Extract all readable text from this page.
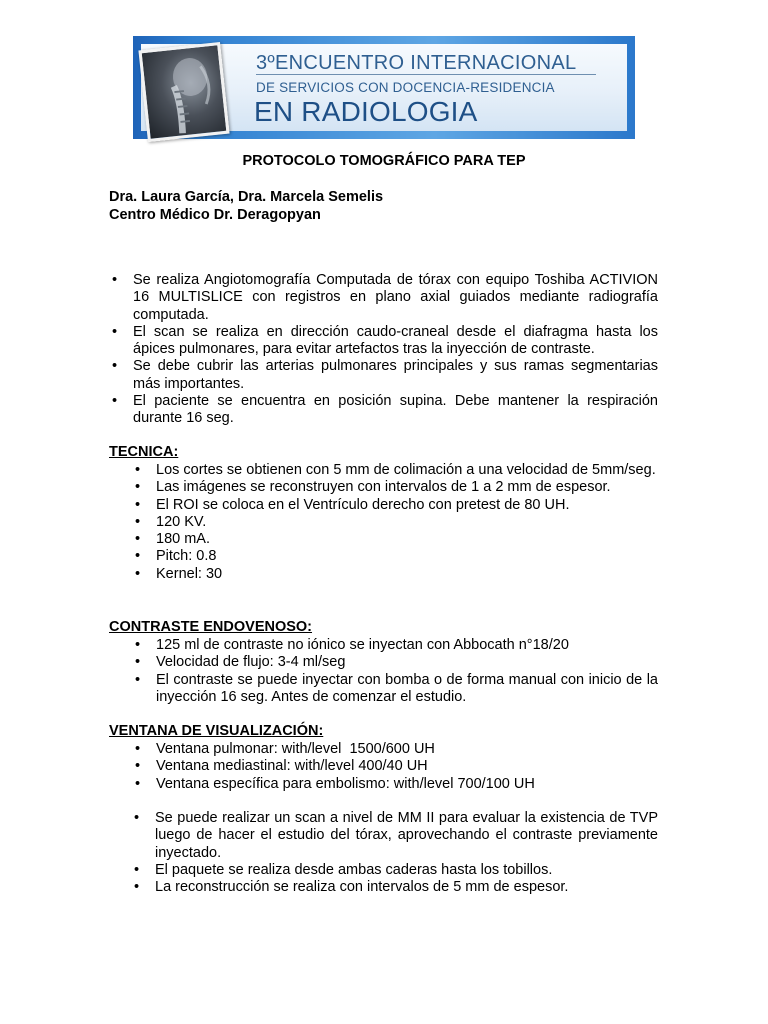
3ºENCUENTRO INTERNACIONAL
DE SERVICIOS CON DOCENCIA-RESIDENCIA
EN RADIOLOGIA
PROTOCOLO TOMOGRÁFICO PARA TEP
Dra. Laura García, Dra. Marcela Semelis
Centro Médico Dr. Deragopyan
• Se realiza Angiotomografía Computada de tórax con equipo Toshiba ACTIVION 16 MULTISLICE con registros en plano axial guiados mediante radiografía computada.
• El scan se realiza en dirección caudo-craneal desde el diafragma hasta los ápices pulmonares, para evitar artefactos tras la inyección de contraste.
• Se debe cubrir las arterias pulmonares principales y sus ramas segmentarias más importantes.
• El paciente se encuentra en posición supina. Debe mantener la respiración durante 16 seg.
TECNICA:
• Los cortes se obtienen con 5 mm de colimación a una velocidad de 5mm/seg.
• Las imágenes se reconstruyen con intervalos de 1 a 2 mm de espesor.
• El ROI se coloca en el Ventrículo derecho con pretest de 80 UH.
• 120 KV.
• 180 mA.
• Pitch: 0.8
• Kernel: 30
CONTRASTE ENDOVENOSO:
• 125 ml de contraste no iónico se inyectan con Abbocath n°18/20
• Velocidad de flujo: 3-4 ml/seg
• El contraste se puede inyectar con bomba o de forma manual con inicio de la inyección 16 seg. Antes de comenzar el estudio.
VENTANA DE VISUALIZACIÓN:
• Ventana pulmonar: with/level  1500/600 UH
• Ventana mediastinal: with/level 400/40 UH
• Ventana específica para embolismo: with/level 700/100 UH
• Se puede realizar un scan a nivel de MM II para evaluar la existencia de TVP luego de hacer el estudio del tórax, aprovechando el contraste previamente inyectado.
• El paquete se realiza desde ambas caderas hasta los tobillos.
• La reconstrucción se realiza con intervalos de 5 mm de espesor.
